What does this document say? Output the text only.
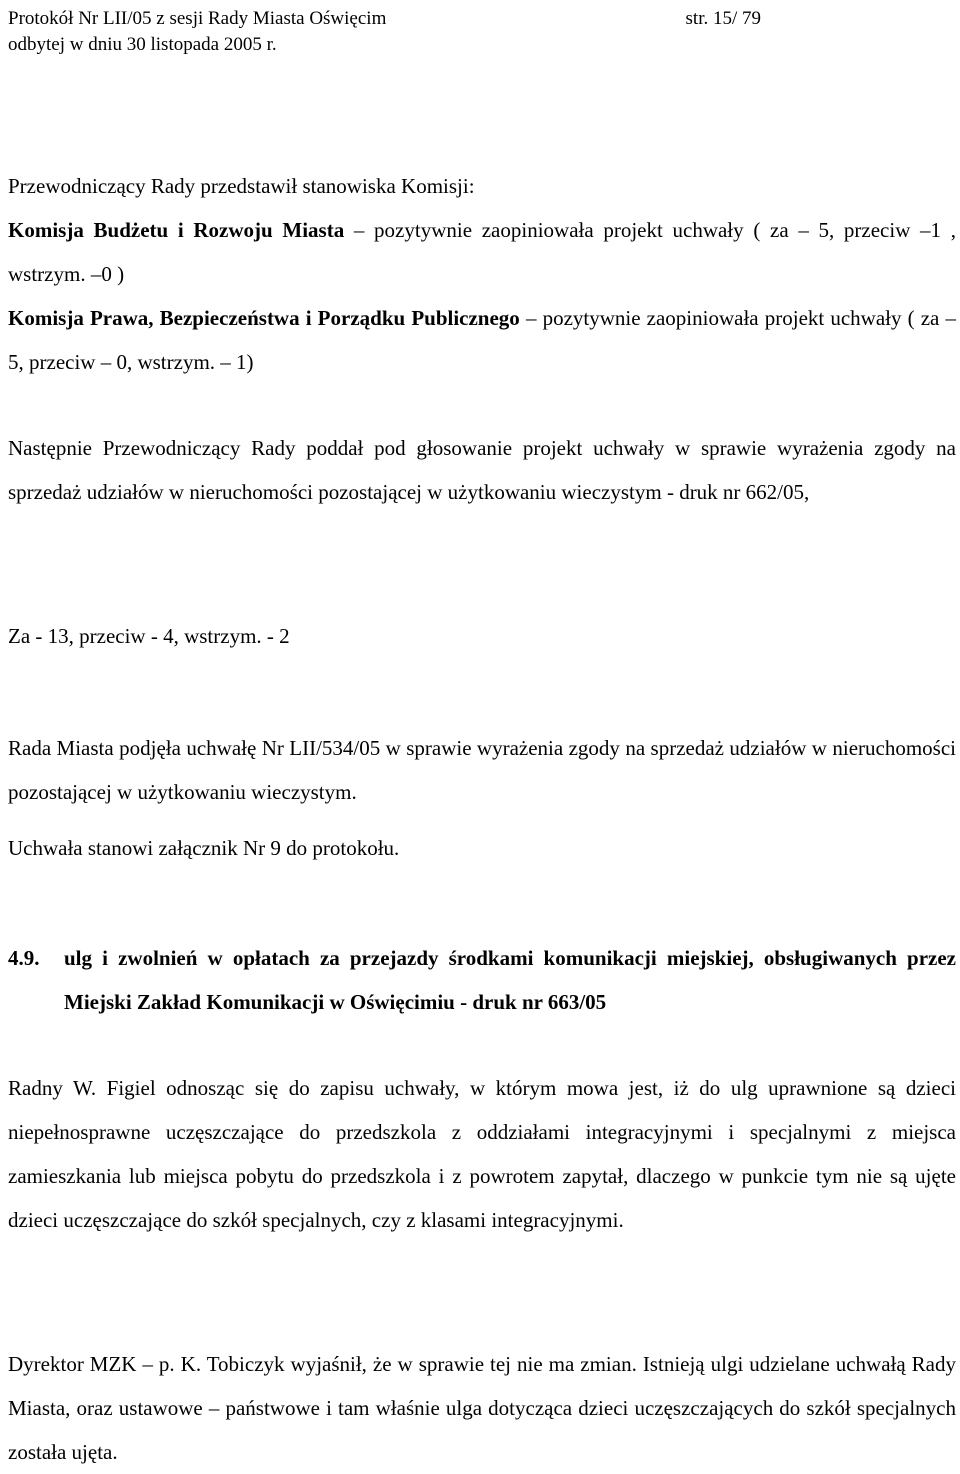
Protokół Nr LII/05 z sesji Rady Miasta Oświęcim
odbytej w dniu 30 listopada 2005 r.
str. 15/ 79
Przewodniczący Rady przedstawił stanowiska Komisji:
Komisja Budżetu i Rozwoju Miasta – pozytywnie zaopiniowała projekt uchwały ( za – 5, przeciw –1 , wstrzym. –0 )
Komisja Prawa, Bezpieczeństwa i Porządku Publicznego – pozytywnie zaopiniowała projekt uchwały ( za – 5, przeciw – 0, wstrzym. – 1)
Następnie Przewodniczący Rady poddał pod głosowanie projekt uchwały w sprawie wyrażenia zgody na sprzedaż udziałów w nieruchomości pozostającej w użytkowaniu wieczystym - druk nr 662/05,
Za - 13, przeciw - 4, wstrzym. - 2
Rada Miasta podjęła uchwałę Nr LII/534/05 w sprawie wyrażenia zgody na sprzedaż udziałów w nieruchomości pozostającej w użytkowaniu wieczystym.
Uchwała stanowi załącznik Nr 9 do protokołu.
4.9. ulg i zwolnień w opłatach za przejazdy środkami komunikacji miejskiej, obsługiwanych przez Miejski Zakład Komunikacji w Oświęcimiu - druk nr 663/05
Radny W. Figiel odnosząc się do zapisu uchwały, w którym mowa jest, iż do ulg uprawnione są dzieci niepełnosprawne uczęszczające do przedszkola z oddziałami integracyjnymi i specjalnymi z miejsca zamieszkania lub miejsca pobytu do przedszkola i z powrotem zapytał, dlaczego w punkcie tym nie są ujęte dzieci uczęszczające do szkół specjalnych, czy z klasami integracyjnymi.
Dyrektor MZK – p. K. Tobiczyk wyjaśnił, że w sprawie tej nie ma zmian. Istnieją ulgi udzielane uchwałą Rady Miasta, oraz ustawowe – państwowe i tam właśnie ulga dotycząca dzieci uczęszczających do szkół specjalnych została ujęta.
